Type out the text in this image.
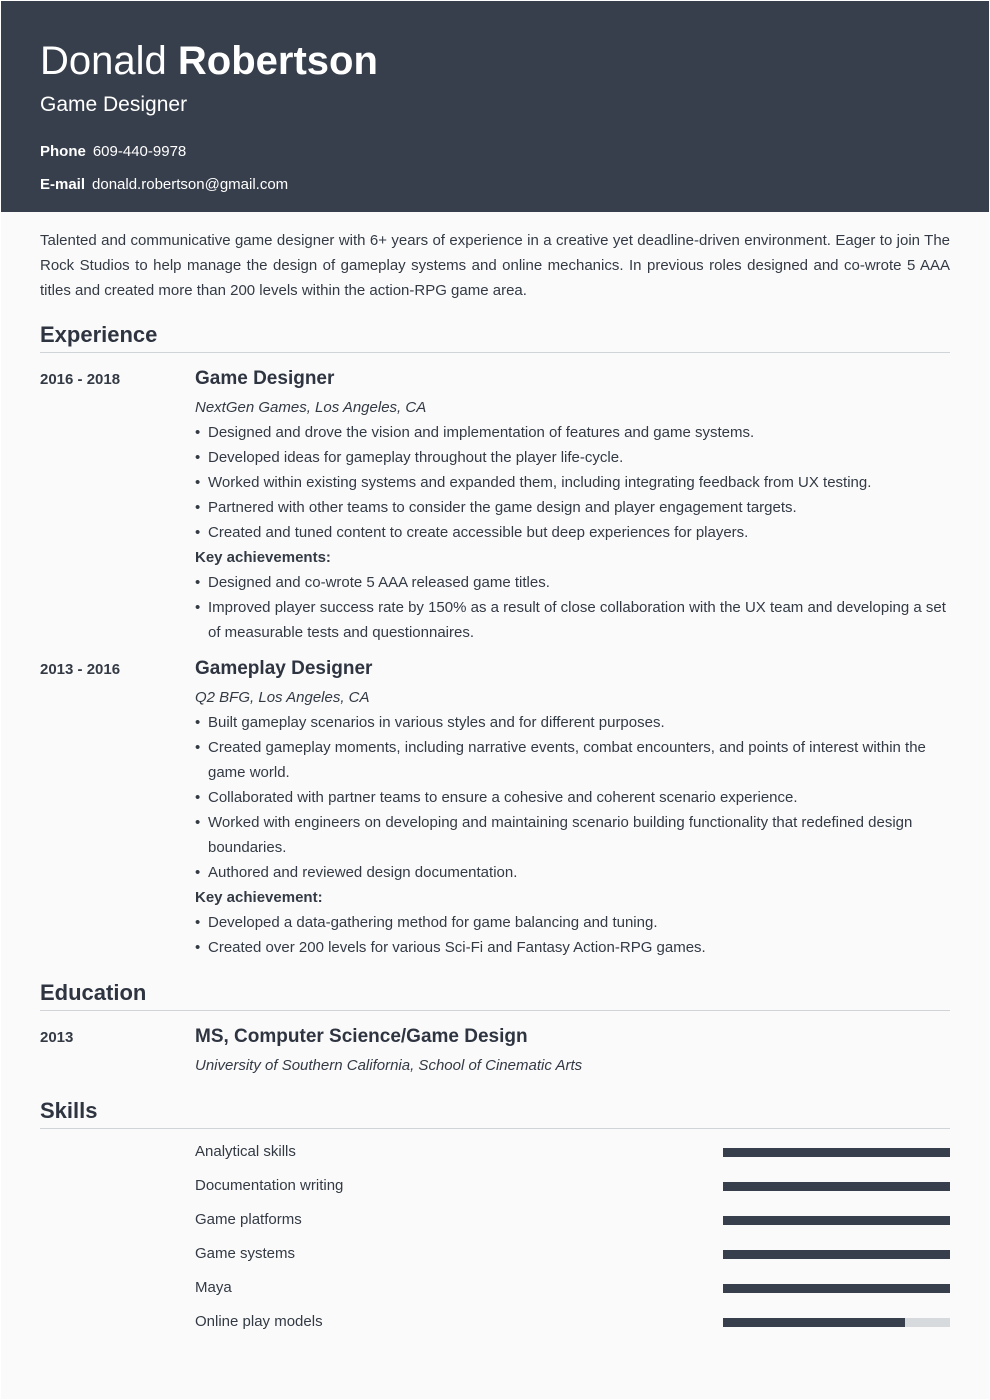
Donald Robertson
Game Designer
Phone 609-440-9978
E-mail donald.robertson@gmail.com
Talented and communicative game designer with 6+ years of experience in a creative yet deadline-driven environment. Eager to join The Rock Studios to help manage the design of gameplay systems and online mechanics. In previous roles designed and co-wrote 5 AAA titles and created more than 200 levels within the action-RPG game area.
Experience
2016 - 2018	Game Designer
NextGen Games, Los Angeles, CA
• Designed and drove the vision and implementation of features and game systems.
• Developed ideas for gameplay throughout the player life-cycle.
• Worked within existing systems and expanded them, including integrating feedback from UX testing.
• Partnered with other teams to consider the game design and player engagement targets.
• Created and tuned content to create accessible but deep experiences for players.
Key achievements:
• Designed and co-wrote 5 AAA released game titles.
• Improved player success rate by 150% as a result of close collaboration with the UX team and developing a set of measurable tests and questionnaires.
2013 - 2016	Gameplay Designer
Q2 BFG, Los Angeles, CA
• Built gameplay scenarios in various styles and for different purposes.
• Created gameplay moments, including narrative events, combat encounters, and points of interest within the game world.
• Collaborated with partner teams to ensure a cohesive and coherent scenario experience.
• Worked with engineers on developing and maintaining scenario building functionality that redefined design boundaries.
• Authored and reviewed design documentation.
Key achievement:
• Developed a data-gathering method for game balancing and tuning.
• Created over 200 levels for various Sci-Fi and Fantasy Action-RPG games.
Education
2013	MS, Computer Science/Game Design
University of Southern California, School of Cinematic Arts
Skills
Analytical skills
Documentation writing
Game platforms
Game systems
Maya
Online play models
